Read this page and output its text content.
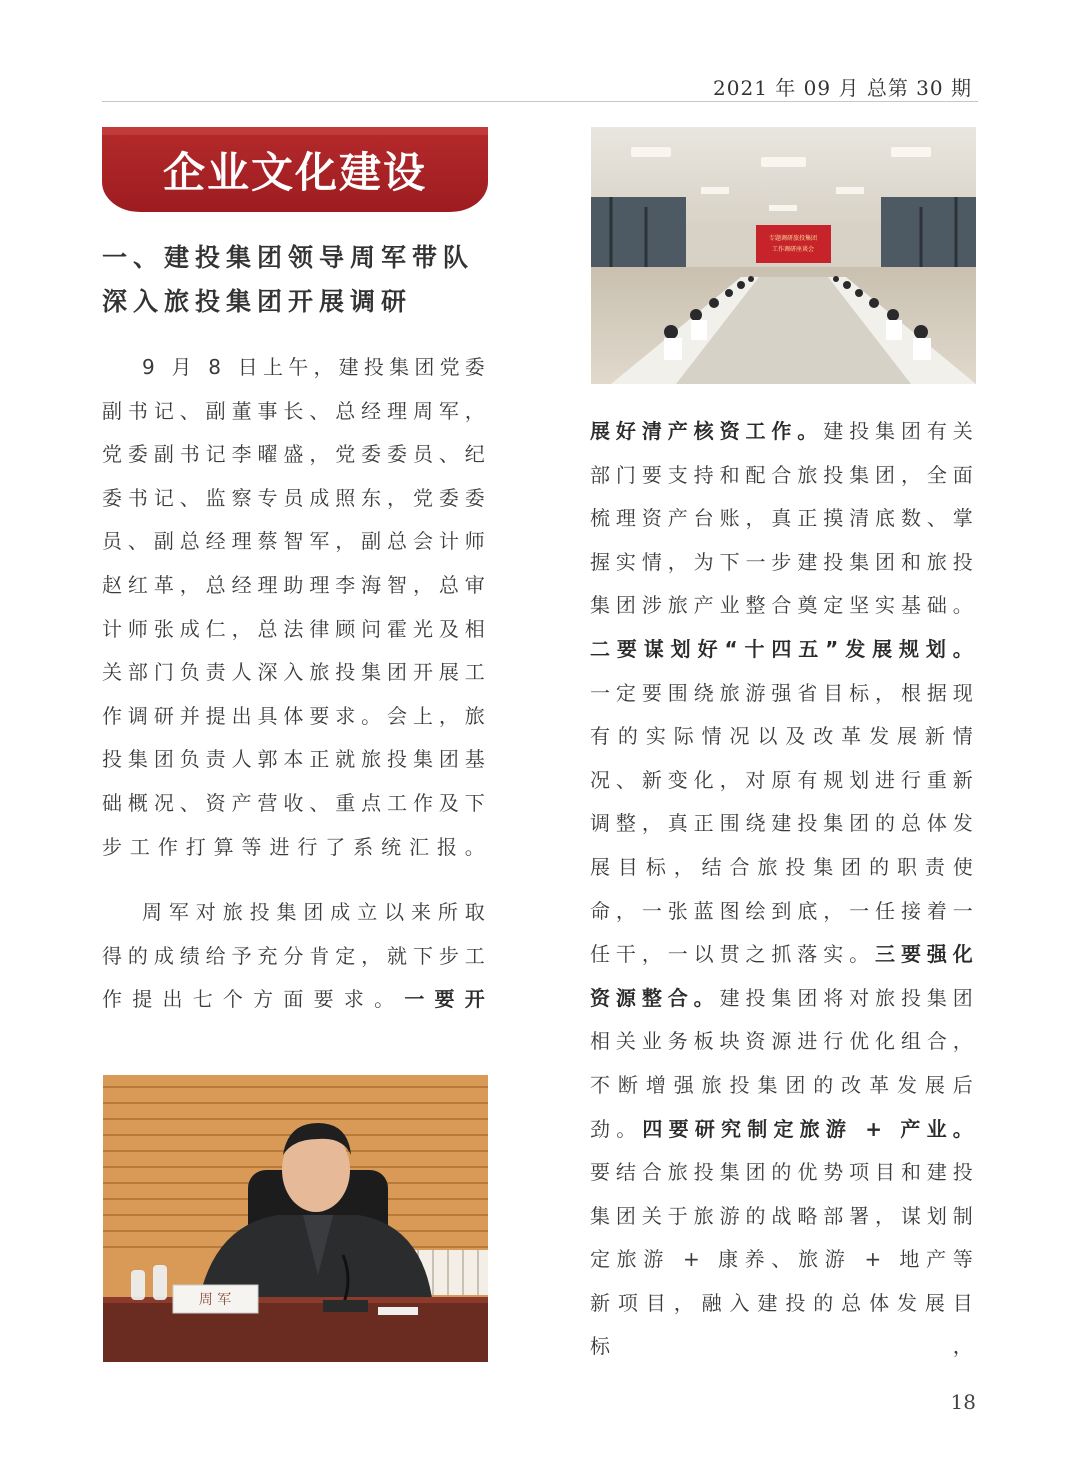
2021 年 09 月 总第 30 期
企业文化建设
一、建投集团领导周军带队
深入旅投集团开展调研

9 月 8 日上午，建投集团党委副书记、副董事长、总经理周军，党委副书记李曜盛，党委委员、纪委书记、监察专员成照东，党委委员、副总经理蔡智军，副总会计师赵红革，总经理助理李海智，总审计师张成仁，总法律顾问霍光及相关部门负责人深入旅投集团开展工作调研并提出具体要求。会上，旅投集团负责人郭本正就旅投集团基础概况、资产营收、重点工作及下步工作打算等进行了系统汇报。

周军对旅投集团成立以来所取得的成绩给予充分肯定，就下步工作提出七个方面要求。一要开

专题调研旅投集团
工作调研座谈会

展好清产核资工作。建投集团有关部门要支持和配合旅投集团，全面梳理资产台账，真正摸清底数、掌握实情，为下一步建投集团和旅投集团涉旅产业整合奠定坚实基础。二要谋划好“十四五”发展规划。一定要围绕旅游强省目标，根据现有的实际情况以及改革发展新情况、新变化，对原有规划进行重新调整，真正围绕建投集团的总体发展目标，结合旅投集团的职责使命，一张蓝图绘到底，一任接着一任干，一以贯之抓落实。三要强化资源整合。建投集团将对旅投集团相关业务板块资源进行优化组合，不断增强旅投集团的改革发展后劲。四要研究制定旅游 + 产业。要结合旅投集团的优势项目和建投集团关于旅游的战略部署，谋划制定旅游 + 康养、旅游 + 地产等新项目，融入建投的总体发展目标，

周 军
18
